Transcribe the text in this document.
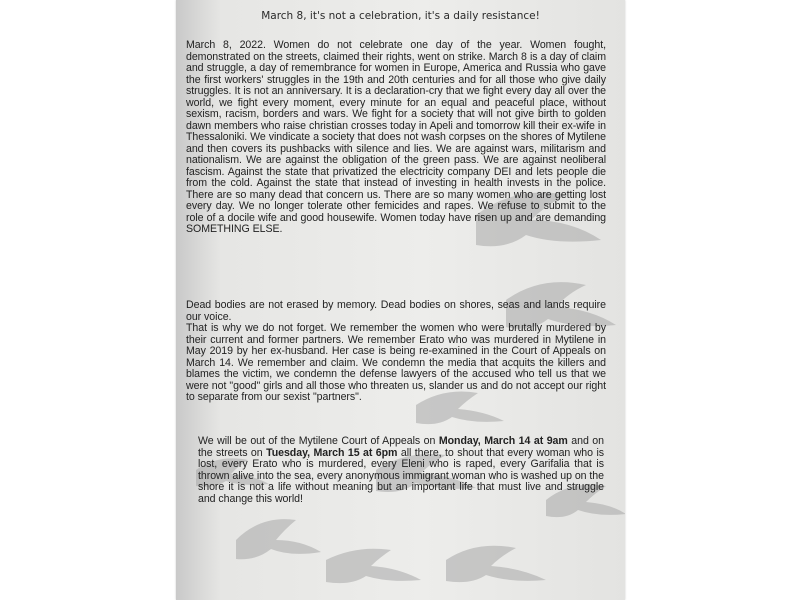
March 8, it's not a celebration, it's a daily resistance!
March 8, 2022. Women do not celebrate one day of the year. Women fought, demonstrated on the streets, claimed their rights, went on strike. March 8 is a day of claim and struggle, a day of remembrance for women in Europe, America and Russia who gave the first workers' struggles in the 19th and 20th centuries and for all those who give daily struggles. It is not an anniversary. It is a declaration-cry that we fight every day all over the world, we fight every moment, every minute for an equal and peaceful place, without sexism, racism, borders and wars. We fight for a society that will not give birth to golden dawn members who raise christian crosses today in Apeli and tomorrow kill their ex-wife in Thessaloniki. We vindicate a society that does not wash corpses on the shores of Mytilene and then covers its pushbacks with silence and lies. We are against wars, militarism and nationalism. We are against the obligation of the green pass. We are against neoliberal fascism. Against the state that privatized the electricity company DEI and lets people die from the cold. Against the state that instead of investing in health invests in the police. There are so many dead that concern us. There are so many women who are getting lost every day. We no longer tolerate other femicides and rapes. We refuse to submit to the role of a docile wife and good housewife. Women today have risen up and are demanding SOMETHING ELSE.
Dead bodies are not erased by memory. Dead bodies on shores, seas and lands require our voice.
That is why we do not forget. We remember the women who were brutally murdered by their current and former partners. We remember Erato who was murdered in Mytilene in May 2019 by her ex-husband. Her case is being re-examined in the Court of Appeals on March 14. We remember and claim. We condemn the media that acquits the killers and blames the victim, we condemn the defense lawyers of the accused who tell us that we were not "good" girls and all those who threaten us, slander us and do not accept our right to separate from our sexist "partners".
We will be out of the Mytilene Court of Appeals on Monday, March 14 at 9am and on the streets on Tuesday, March 15 at 6pm all there, to shout that every woman who is lost, every Erato who is murdered, every Eleni who is raped, every Garifalia that is thrown alive into the sea, every anonymous immigrant woman who is washed up on the shore it is not a life without meaning but an important life that must live and struggle and change this world!
